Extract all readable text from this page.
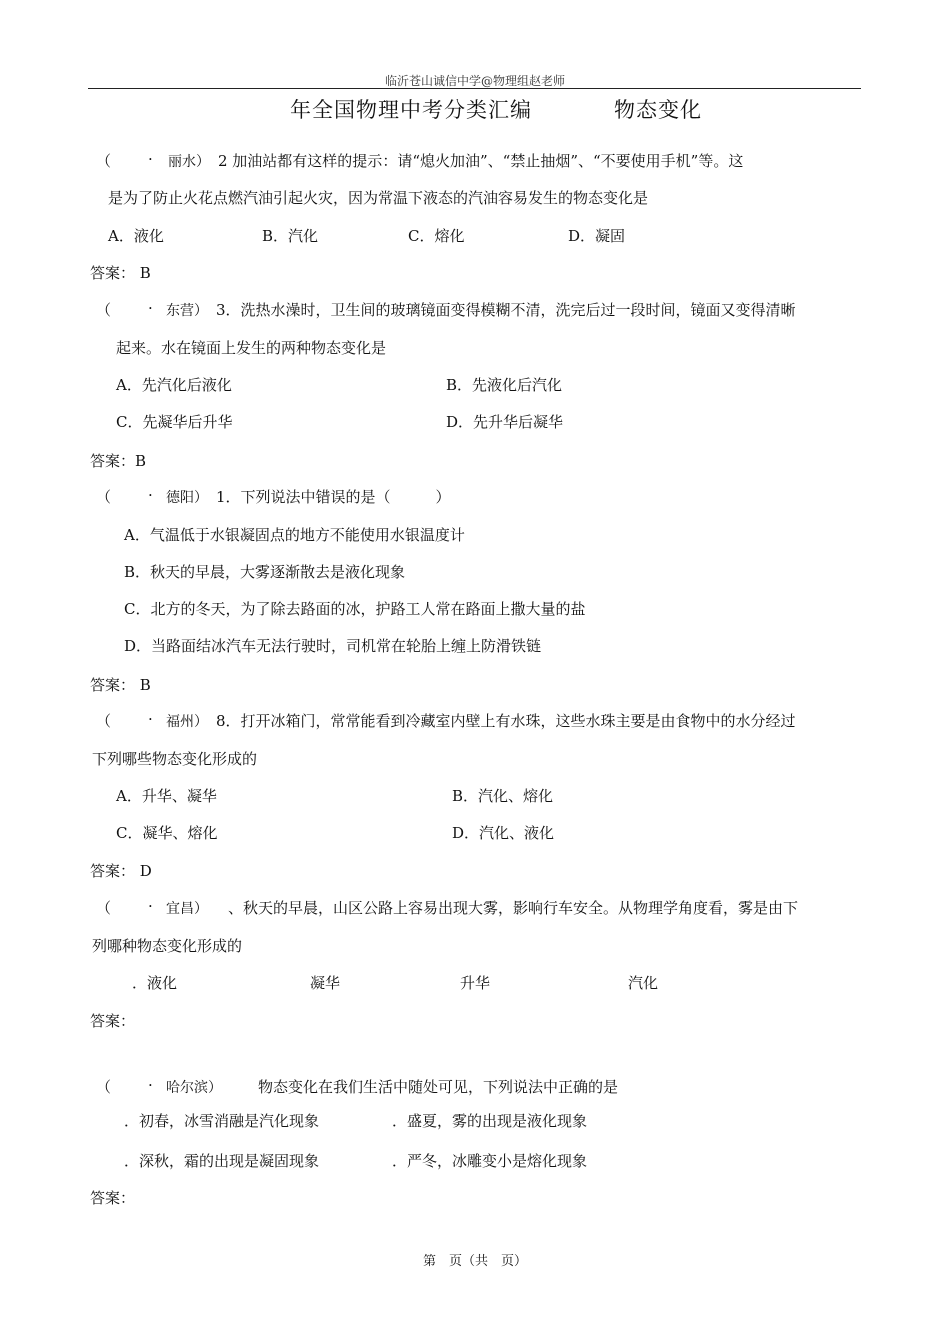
临沂苍山诚信中学@物理组赵老师
年全国物理中考分类汇编	物态变化
（ · 丽水） 2 加油站都有这样的提示：请“熄火加油”、“禁止抽烟”、“不要使用手机”等。这
是为了防止火花点燃汽油引起火灾，因为常温下液态的汽油容易发生的物态变化是
A．液化	B．汽化	C．熔化	D．凝固
答案： B
（ · 东营） 3．洗热水澡时，卫生间的玻璃镜面变得模糊不清，洗完后过一段时间，镜面又变得清晰
起来。水在镜面上发生的两种物态变化是
A．先汽化后液化	B．先液化后汽化
C．先凝华后升华	D．先升华后凝华
答案：B
（ · 德阳） 1．下列说法中错误的是（　　　）
A．气温低于水银凝固点的地方不能使用水银温度计
B．秋天的早晨，大雾逐渐散去是液化现象
C．北方的冬天，为了除去路面的冰，护路工人常在路面上撒大量的盐
D．当路面结冰汽车无法行驶时，司机常在轮胎上缠上防滑铁链
答案： B
（ · 福州） 8．打开冰箱门，常常能看到冷藏室内壁上有水珠，这些水珠主要是由食物中的水分经过
下列哪些物态变化形成的
A．升华、凝华	B．汽化、熔化
C．凝华、熔化	D．汽化、液化
答案： D
（ · 宜昌） 、秋天的早晨，山区公路上容易出现大雾，影响行车安全。从物理学角度看，雾是由下
列哪种物态变化形成的
．液化	凝华	升华	汽化
答案：
（ · 哈尔滨） 物态变化在我们生活中随处可见，下列说法中正确的是
．初春，冰雪消融是汽化现象	．盛夏，雾的出现是液化现象
．深秋，霜的出现是凝固现象	．严冬，冰雕变小是熔化现象
答案：
第　页（共　页）
